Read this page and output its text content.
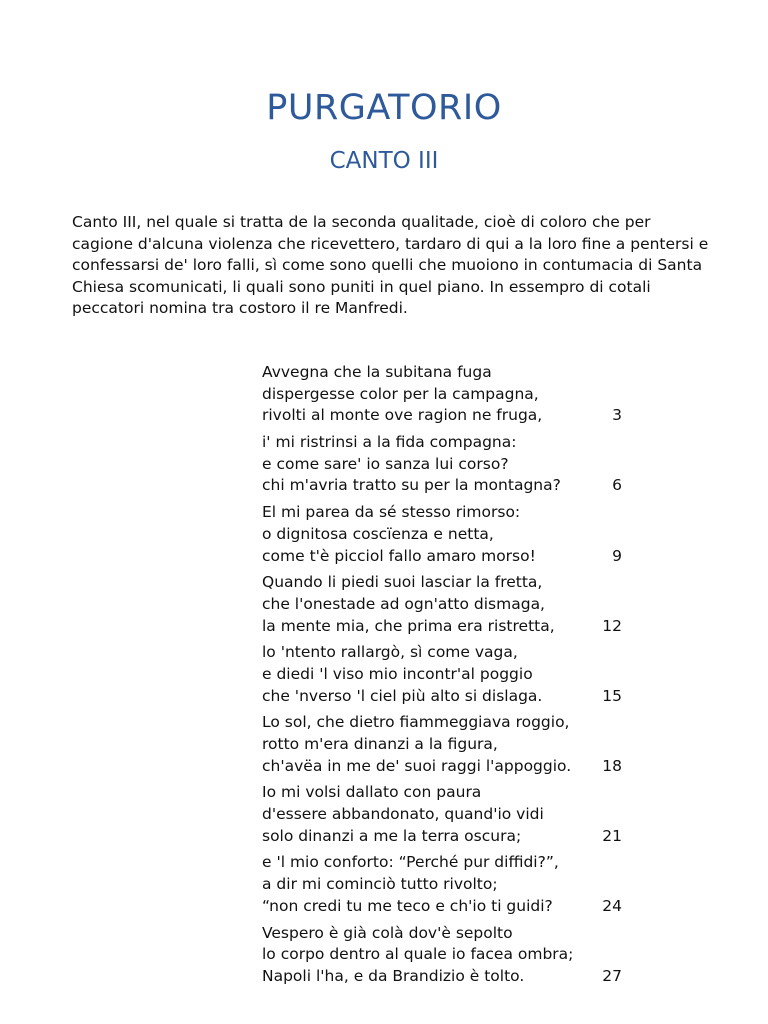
PURGATORIO
CANTO III

Canto III, nel quale si tratta de la seconda qualitade, cioè di coloro che per cagione d'alcuna violenza che ricevettero, tardaro di qui a la loro fine a pentersi e confessarsi de' loro falli, sì come sono quelli che muoiono in contumacia di Santa Chiesa scomunicati, li quali sono puniti in quel piano. In essempro di cotali peccatori nomina tra costoro il re Manfredi.

Avvegna che la subitana fuga
dispergesse color per la campagna,
rivolti al monte ove ragion ne fruga,	3
i' mi ristrinsi a la fida compagna:
e come sare' io sanza lui corso?
chi m'avria tratto su per la montagna?	6
El mi parea da sé stesso rimorso:
o dignitosa coscïenza e netta,
come t'è picciol fallo amaro morso!	9
Quando li piedi suoi lasciar la fretta,
che l'onestade ad ogn'atto dismaga,
la mente mia, che prima era ristretta,	12
lo 'ntento rallargò, sì come vaga,
e diedi 'l viso mio incontr'al poggio
che 'nverso 'l ciel più alto si dislaga.	15
Lo sol, che dietro fiammeggiava roggio,
rotto m'era dinanzi a la figura,
ch'avëa in me de' suoi raggi l'appoggio.	18
Io mi volsi dallato con paura
d'essere abbandonato, quand'io vidi
solo dinanzi a me la terra oscura;	21
e 'l mio conforto: “Perché pur diffidi?”,
a dir mi cominciò tutto rivolto;
“non credi tu me teco e ch'io ti guidi?	24
Vespero è già colà dov'è sepolto
lo corpo dentro al quale io facea ombra;
Napoli l'ha, e da Brandizio è tolto.	27
